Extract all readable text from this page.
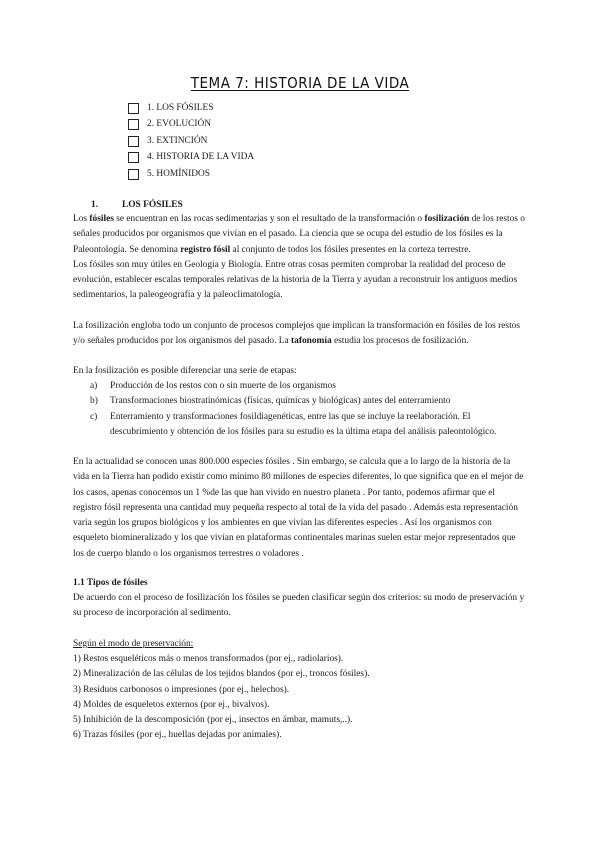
TEMA 7: HISTORIA DE LA VIDA
1. LOS FÓSILES
2. EVOLUCIÓN
3. EXTINCIÓN
4. HISTORIA DE LA VIDA
5. HOMÍNIDOS
1.	LOS FÓSILES

Los fósiles se encuentran en las rocas sedimentarias y son el resultado de la transformación o fosilización de los restos o señales producidos por organismos que vivían en el pasado. La ciencia que se ocupa del estudio de los fósiles es la Paleontología. Se denomina registro fósil al conjunto de todos los fósiles presentes en la corteza terrestre.
Los fósiles son muy útiles en Geología y Biología. Entre otras cosas permiten comprobar la realidad del proceso de evolución, establecer escalas temporales relativas de la historia de la Tierra y ayudan a reconstruir los antiguos medios sedimentarios, la paleogeografía y la paleoclimatología.

La fosilización engloba todo un conjunto de procesos complejos que implican la transformación en fósiles de los restos y/o señales producidos por los organismos del pasado. La tafonomía estudia los procesos de fosilización.

En la fosilización es posible diferenciar una serie de etapas:

a) Producción de los restos con o sin muerte de los organismos
b) Transformaciones biostratinómicas (físicas, químicas y biológicas) antes del enterramiento
c) Enterramiento y transformaciones fosildiagenéticas, entre las que se incluye la reelaboración. El descubrimiento y obtención de los fósiles para su estudio es la última etapa del análisis paleontológico.

En la actualidad se conocen unas 800.000 especies fósiles . Sin embargo, se calcula que a lo largo de la historia de la vida en la Tierra han podido existir como mínimo 80 millones de especies diferentes, lo que significa que en el mejor de los casos, apenas conocemos un 1 %de las que han vivido en nuestro planeta . Por tanto, podemos afirmar que el registro fósil representa una cantidad muy pequeña respecto al total de la vida del pasado . Además esta representación varía según los grupos biológicos y los ambientes en que vivían las diferentes especies . Así los organismos con esqueleto biomineralizado y los que vivían en plataformas continentales marinas suelen estar mejor representados que los de cuerpo blando o los organismos terrestres o voladores .

1.1 Tipos de fósiles

De acuerdo con el proceso de fosilización los fósiles se pueden clasificar según dos criterios: su modo de preservación y su proceso de incorporación al sedimento.

Según el modo de preservación:
1) Restos esqueléticos más o menos transformados (por ej., radiolarios).
2) Mineralización de las células de los tejidos blandos (por ej., troncos fósiles).
3) Residuos carbonosos o impresiones (por ej., helechos).
4) Moldes de esqueletos externos (por ej., bivalvos).
5) Inhibición de la descomposición (por ej., insectos en ámbar, mamuts,..).
6) Trazas fósiles (por ej., huellas dejadas por animales).
